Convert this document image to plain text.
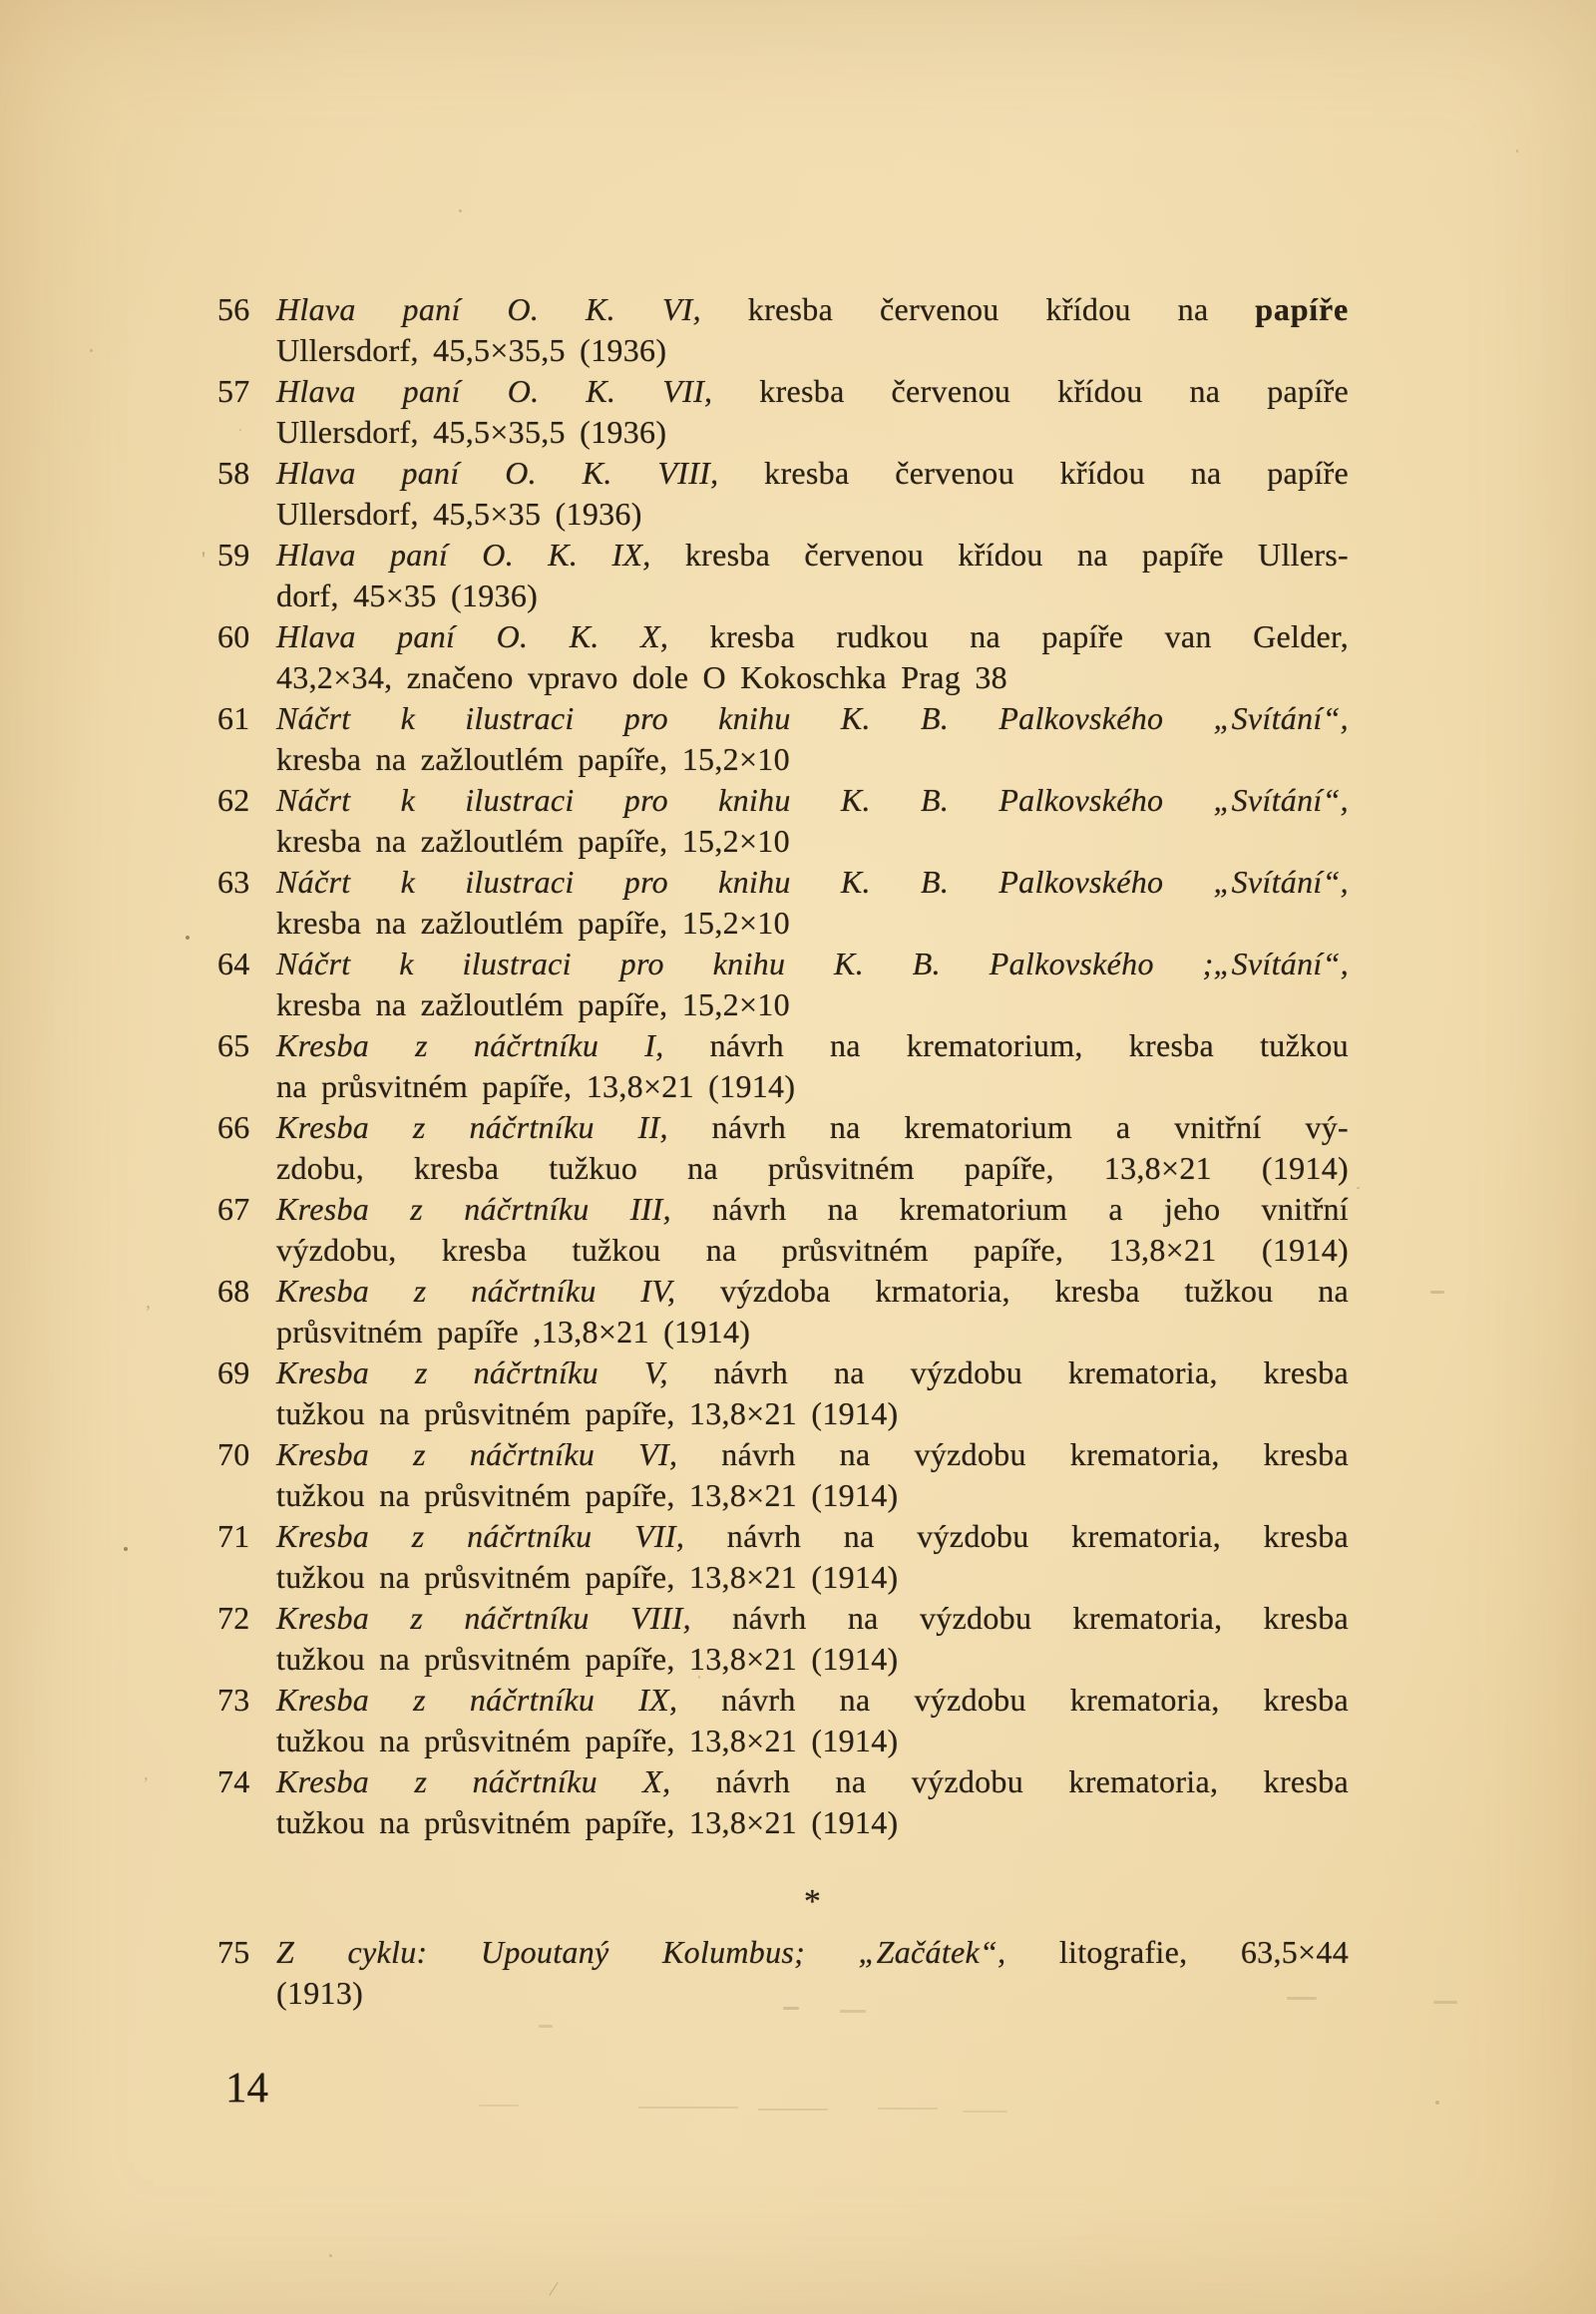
56 Hlava paní O. K. VI, kresba červenou křídou na papíře
Ullersdorf, 45,5×35,5 (1936)
57 Hlava paní O. K. VII, kresba červenou křídou na papíře
Ullersdorf, 45,5×35,5 (1936)
58 Hlava paní O. K. VIII, kresba červenou křídou na papíře
Ullersdorf, 45,5×35 (1936)
59 Hlava paní O. K. IX, kresba červenou křídou na papíře Ullers-
dorf, 45×35 (1936)
60 Hlava paní O. K. X, kresba rudkou na papíře van Gelder,
43,2×34, značeno vpravo dole O Kokoschka Prag 38
61 Náčrt k ilustraci pro knihu K. B. Palkovského „Svítání“,
kresba na zažloutlém papíře, 15,2×10
62 Náčrt k ilustraci pro knihu K. B. Palkovského „Svítání“,
kresba na zažloutlém papíře, 15,2×10
63 Náčrt k ilustraci pro knihu K. B. Palkovského „Svítání“,
kresba na zažloutlém papíře, 15,2×10
64 Náčrt k ilustraci pro knihu K. B. Palkovského ;„Svítání“,
kresba na zažloutlém papíře, 15,2×10
65 Kresba z náčrtníku I, návrh na krematorium, kresba tužkou
na průsvitném papíře, 13,8×21 (1914)
66 Kresba z náčrtníku II, návrh na krematorium a vnitřní vý-
zdobu, kresba tužkuo na průsvitném papíře, 13,8×21 (1914)
67 Kresba z náčrtníku III, návrh na krematorium a jeho vnitřní
výzdobu, kresba tužkou na průsvitném papíře, 13,8×21 (1914)
68 Kresba z náčrtníku IV, výzdoba krmatoria, kresba tužkou na
průsvitném papíře ,13,8×21 (1914)
69 Kresba z náčrtníku V, návrh na výzdobu krematoria, kresba
tužkou na průsvitném papíře, 13,8×21 (1914)
70 Kresba z náčrtníku VI, návrh na výzdobu krematoria, kresba
tužkou na průsvitném papíře, 13,8×21 (1914)
71 Kresba z náčrtníku VII, návrh na výzdobu krematoria, kresba
tužkou na průsvitném papíře, 13,8×21 (1914)
72 Kresba z náčrtníku VIII, návrh na výzdobu krematoria, kresba
tužkou na průsvitném papíře, 13,8×21 (1914)
73 Kresba z náčrtníku IX, návrh na výzdobu krematoria, kresba
tužkou na průsvitném papíře, 13,8×21 (1914)
74 Kresba z náčrtníku X, návrh na výzdobu krematoria, kresba
tužkou na průsvitném papíře, 13,8×21 (1914)
*
75 Z cyklu: Upoutaný Kolumbus; „Začátek“, litografie, 63,5×44
(1913)
14
'
,
,
/
